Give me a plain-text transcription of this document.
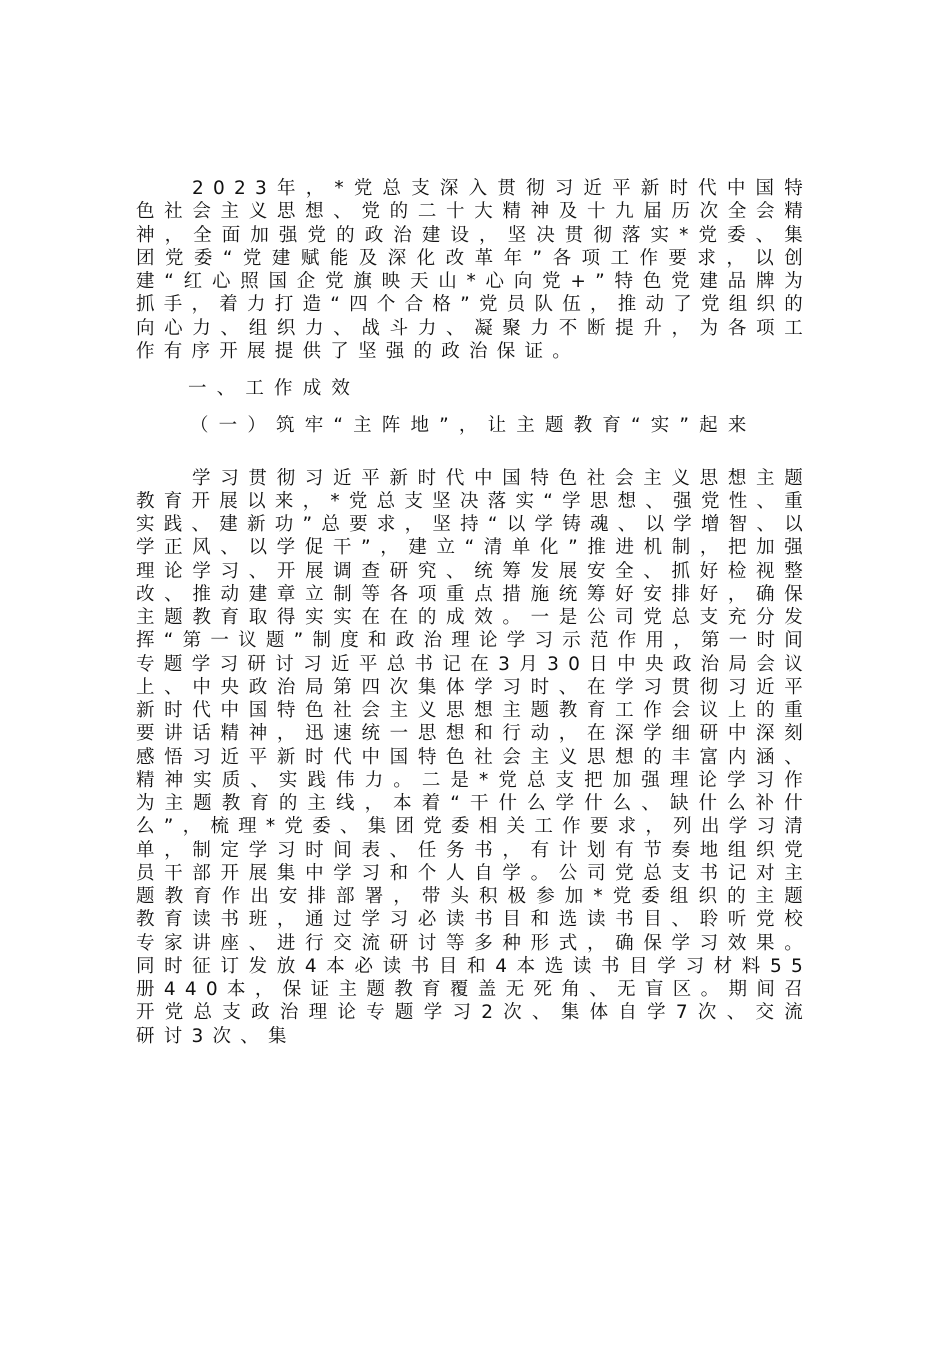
2023年，*党总支深入贯彻习近平新时代中国特色社会主义思想、党的二十大精神及十九届历次全会精神，全面加强党的政治建设，坚决贯彻落实*党委、集团党委“党建赋能及深化改革年”各项工作要求，以创建“红心照国企党旗映天山*心向党+”特色党建品牌为抓手，着力打造“四个合格”党员队伍，推动了党组织的向心力、组织力、战斗力、凝聚力不断提升，为各项工作有序开展提供了坚强的政治保证。

一、工作成效
（一）筑牢“主阵地”，让主题教育“实”起来

学习贯彻习近平新时代中国特色社会主义思想主题教育开展以来，*党总支坚决落实“学思想、强党性、重实践、建新功”总要求，坚持“以学铸魂、以学增智、以学正风、以学促干”，建立“清单化”推进机制，把加强理论学习、开展调查研究、统筹发展安全、抓好检视整改、推动建章立制等各项重点措施统筹好安排好，确保主题教育取得实实在在的成效。一是公司党总支充分发挥“第一议题”制度和政治理论学习示范作用，第一时间专题学习研讨习近平总书记在3月30日中央政治局会议上、中央政治局第四次集体学习时、在学习贯彻习近平新时代中国特色社会主义思想主题教育工作会议上的重要讲话精神，迅速统一思想和行动，在深学细研中深刻感悟习近平新时代中国特色社会主义思想的丰富内涵、精神实质、实践伟力。二是*党总支把加强理论学习作为主题教育的主线，本着“干什么学什么、缺什么补什么”，梳理*党委、集团党委相关工作要求，列出学习清单，制定学习时间表、任务书，有计划有节奏地组织党员干部开展集中学习和个人自学。公司党总支书记对主题教育作出安排部署，带头积极参加*党委组织的主题教育读书班，通过学习必读书目和选读书目、聆听党校专家讲座、进行交流研讨等多种形式，确保学习效果。同时征订发放4本必读书目和4本选读书目学习材料55册440本，保证主题教育覆盖无死角、无盲区。期间召开党总支政治理论专题学习2次、集体自学7次、交流研讨3次、集
